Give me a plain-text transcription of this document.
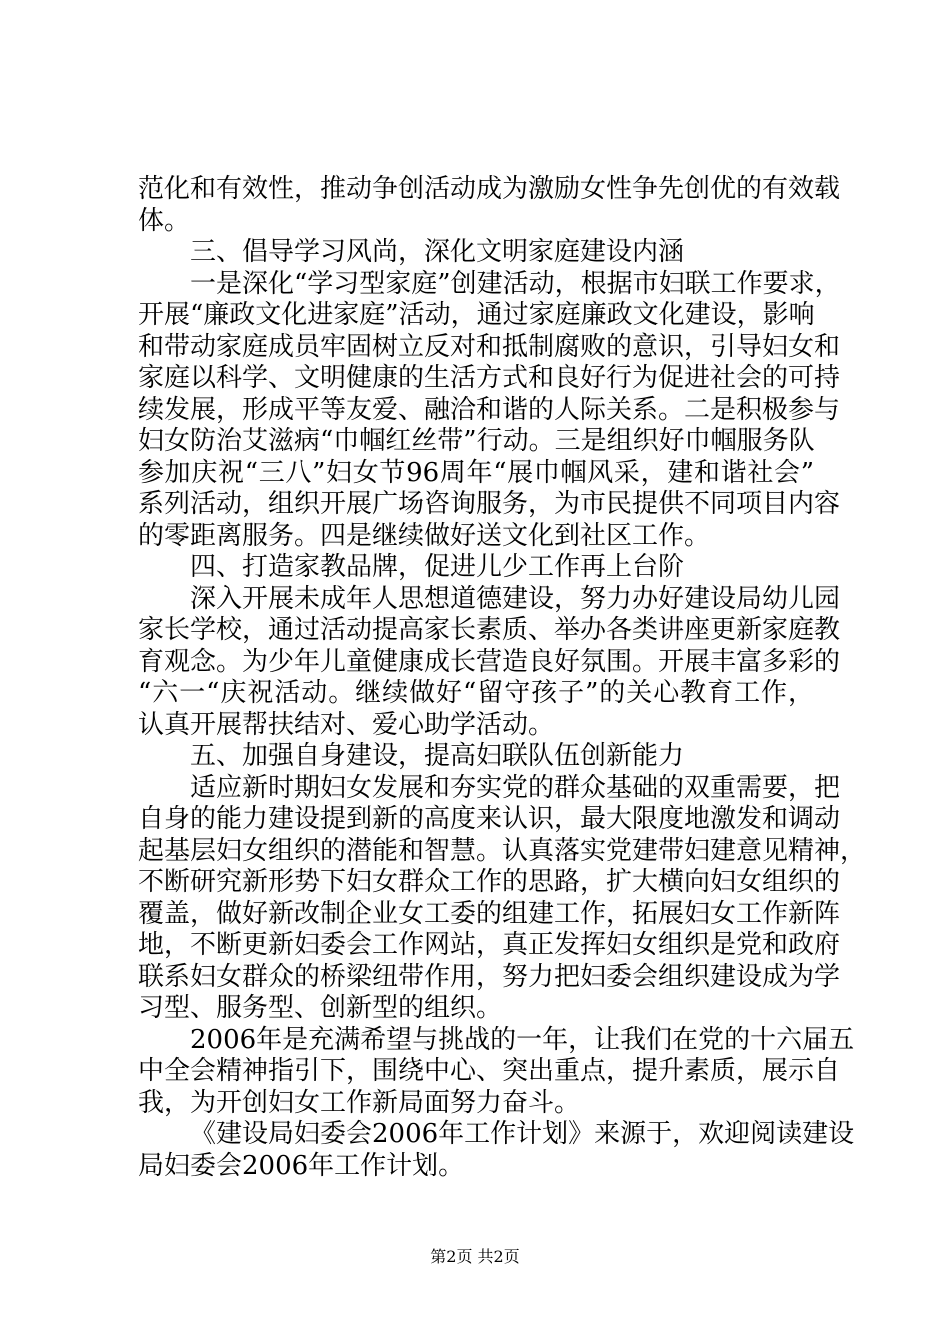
范化和有效性，推动争创活动成为激励女性争先创优的有效载
体。
三、倡导学习风尚，深化文明家庭建设内涵
一是深化“学习型家庭”创建活动，根据市妇联工作要求，
开展“廉政文化进家庭”活动，通过家庭廉政文化建设，影响
和带动家庭成员牢固树立反对和抵制腐败的意识，引导妇女和
家庭以科学、文明健康的生活方式和良好行为促进社会的可持
续发展，形成平等友爱、融洽和谐的人际关系。二是积极参与
妇女防治艾滋病“巾帼红丝带”行动。三是组织好巾帼服务队
参加庆祝“三八”妇女节96周年“展巾帼风采，建和谐社会”
系列活动，组织开展广场咨询服务，为市民提供不同项目内容
的零距离服务。四是继续做好送文化到社区工作。
四、打造家教品牌，促进儿少工作再上台阶
深入开展未成年人思想道德建设，努力办好建设局幼儿园
家长学校，通过活动提高家长素质、举办各类讲座更新家庭教
育观念。为少年儿童健康成长营造良好氛围。开展丰富多彩的
“六一“庆祝活动。继续做好“留守孩子”的关心教育工作，
认真开展帮扶结对、爱心助学活动。
五、加强自身建设，提高妇联队伍创新能力
适应新时期妇女发展和夯实党的群众基础的双重需要，把
自身的能力建设提到新的高度来认识，最大限度地激发和调动
起基层妇女组织的潜能和智慧。认真落实党建带妇建意见精神，
不断研究新形势下妇女群众工作的思路，扩大横向妇女组织的
覆盖，做好新改制企业女工委的组建工作，拓展妇女工作新阵
地，不断更新妇委会工作网站，真正发挥妇女组织是党和政府
联系妇女群众的桥梁纽带作用，努力把妇委会组织建设成为学
习型、服务型、创新型的组织。
2006年是充满希望与挑战的一年，让我们在党的十六届五
中全会精神指引下，围绕中心、突出重点，提升素质，展示自
我，为开创妇女工作新局面努力奋斗。
《建设局妇委会2006年工作计划》来源于，欢迎阅读建设
局妇委会2006年工作计划。
第2页 共2页
